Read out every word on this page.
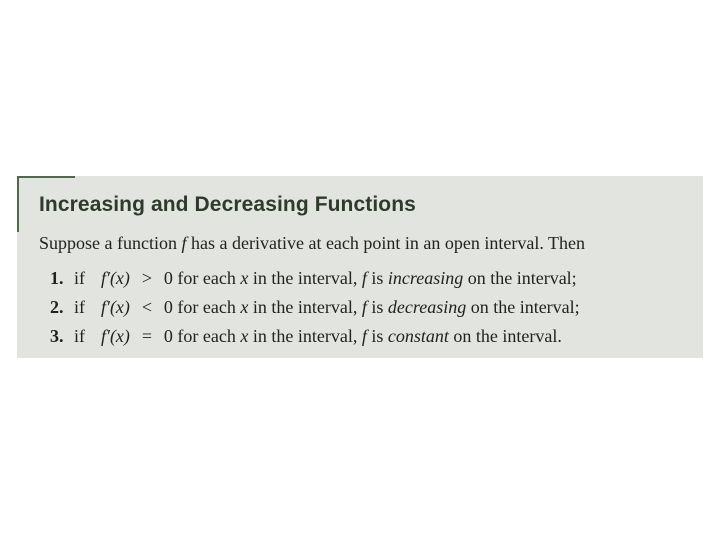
Increasing and Decreasing Functions
Suppose a function f has a derivative at each point in an open interval. Then
1. if f′(x) > 0 for each x in the interval, f is increasing on the interval;
2. if f′(x) < 0 for each x in the interval, f is decreasing on the interval;
3. if f′(x) = 0 for each x in the interval, f is constant on the interval.
